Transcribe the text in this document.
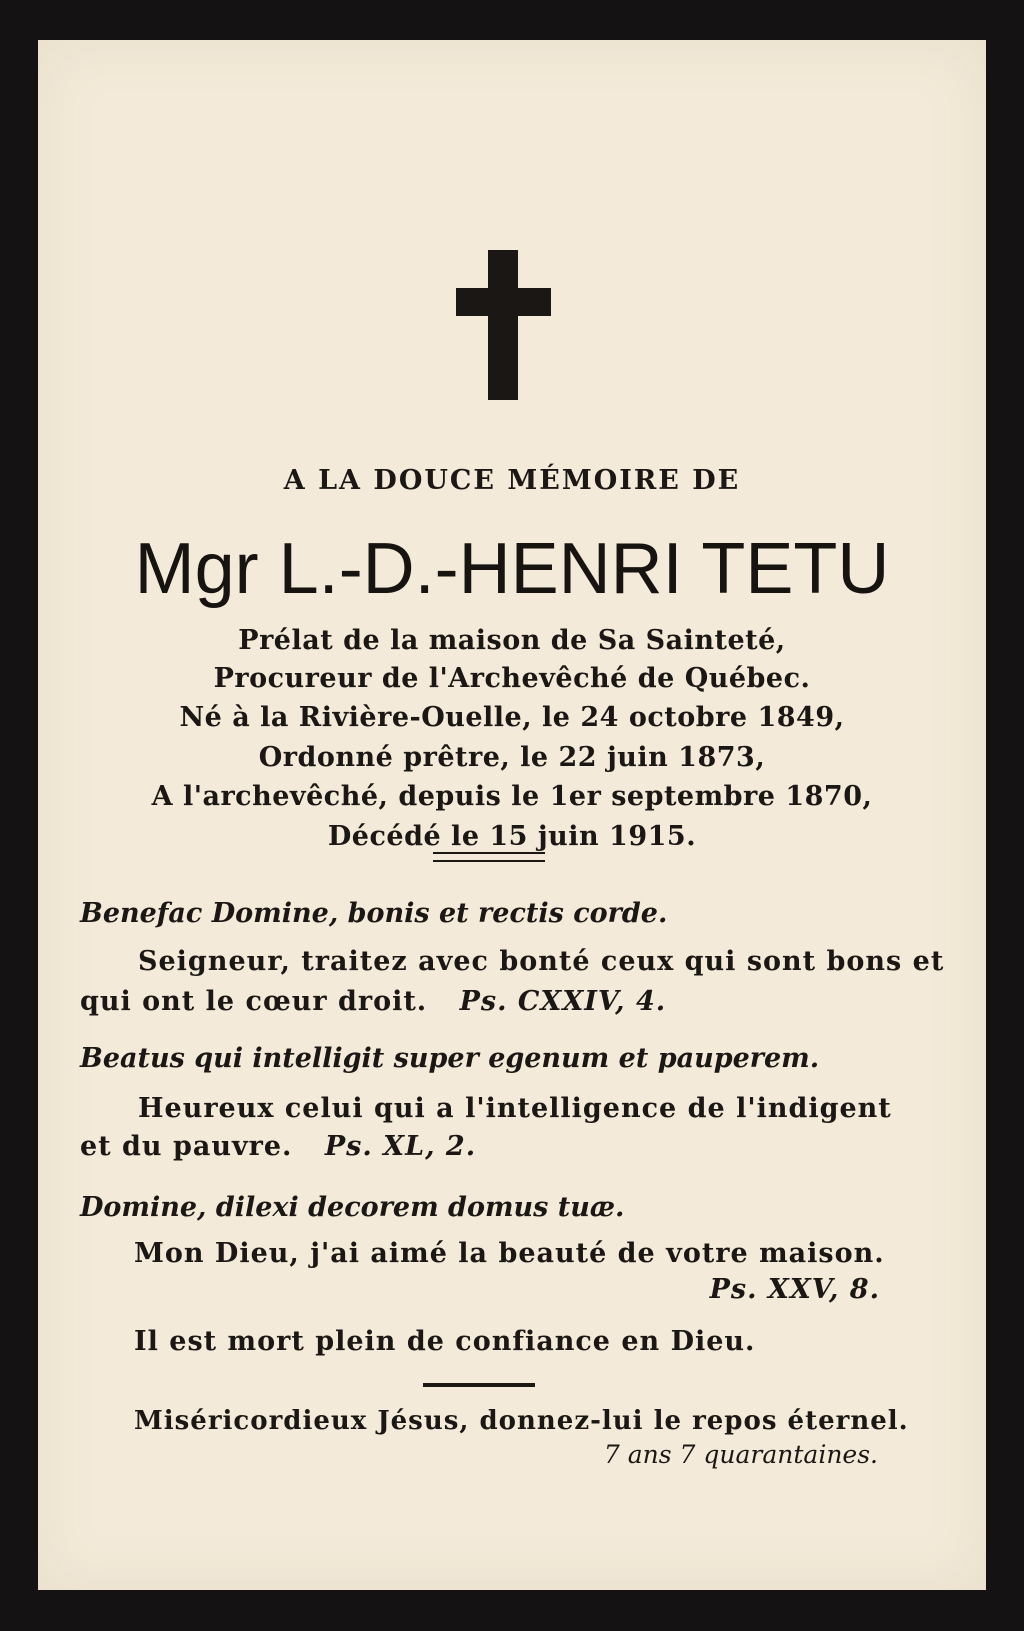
A LA DOUCE MÉMOIRE DE
Mgr L.-D.-HENRI TETU
Prélat de la maison de Sa Sainteté,
Procureur de l'Archevêché de Québec.
Né à la Rivière-Ouelle, le 24 octobre 1849,
Ordonné prêtre, le 22 juin 1873,
A l'archevêché, depuis le 1er septembre 1870,
Décédé le 15 juin 1915.
Benefac Domine, bonis et rectis corde.
Seigneur, traitez avec bonté ceux qui sont bons et
qui ont le cœur droit. Ps. CXXIV, 4.
Beatus qui intelligit super egenum et pauperem.
Heureux celui qui a l'intelligence de l'indigent
et du pauvre. Ps. XL, 2.
Domine, dilexi decorem domus tuæ.
Mon Dieu, j'ai aimé la beauté de votre maison.
Ps. XXV, 8.
Il est mort plein de confiance en Dieu.
Miséricordieux Jésus, donnez-lui le repos éternel.
7 ans 7 quarantaines.
